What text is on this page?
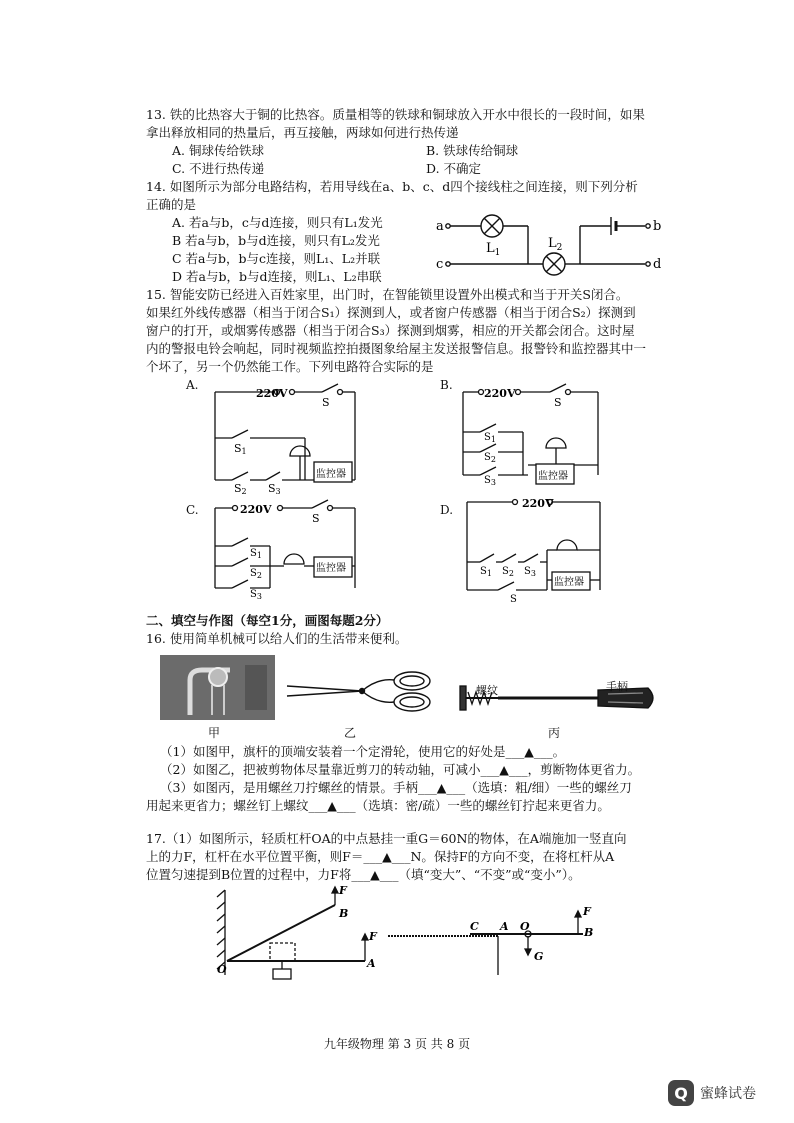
13. 铁的比热容大于铜的比热容。质量相等的铁球和铜球放入开水中很长的一段时间，如果
拿出释放相同的热量后，再互接触，两球如何进行热传递
A. 铜球传给铁球	B. 铁球传给铜球
C. 不进行热传递	D. 不确定
14. 如图所示为部分电路结构，若用导线在a、b、c、d四个接线柱之间连接，则下列分析
正确的是
A. 若a与b，c与d连接，则只有L₁发光
B 若a与b，b与d连接，则只有L₂发光
C 若a与b，b与c连接，则L₁、L₂并联
D 若a与b，b与d连接，则L₁、L₂串联
a
c
b
d
$L_1$
$L_2$
15. 智能安防已经进入百姓家里，出门时，在智能锁里设置外出模式和当于开关S闭合。
如果红外线传感器（相当于闭合S₁）探测到人，或者窗户传感器（相当于闭合S₂）探测到
窗户的打开，或烟雾传感器（相当于闭合S₃）探测到烟雾，相应的开关都会闭合。这时屋
内的警报电铃会响起，同时视频监控拍摄图象给屋主发送报警信息。报警铃和监控器其中一
个坏了，另一个仍然能工作。下列电路符合实际的是
A.
220V
S
S1
S2 S3
监控器
B.
220V
S
$S_1$
$S_2$
$S_3$
监控器
C.	220V
S
$S_1$
$S_2$
$S_3$
监控器
D.	220V
S
$S_1$ $S_2$ $S_3$
监控器
二、填空与作图（每空1分，画图每题2分）
16. 使用简单机械可以给人们的生活带来便利。
甲	乙
螺纹	手柄
丙
（1）如图甲，旗杆的顶端安装着一个定滑轮，使用它的好处是___▲___。
（2）如图乙，把被剪物体尽量靠近剪刀的转动轴，可减小___▲___，剪断物体更省力。
（3）如图丙，是用螺丝刀拧螺丝的情景。手柄___▲___（选填：粗/细）一些的螺丝刀
用起来更省力；螺丝钉上螺纹___▲___（选填：密/疏）一些的螺丝钉拧起来更省力。
17.（1）如图所示，轻质杠杆OA的中点悬挂一重G＝60N的物体，在A端施加一竖直向
上的力F，杠杆在水平位置平衡，则F＝___▲___N。保持F的方向不变，在将杠杆从A
位置匀速提到B位置的过程中，力F将___▲___（填“变大”、“不变”或“变小”）。
F
B
F
A
O
C A O
F
B
G
九年级物理 第 3 页 共 8 页
Q 蜜蜂试卷
